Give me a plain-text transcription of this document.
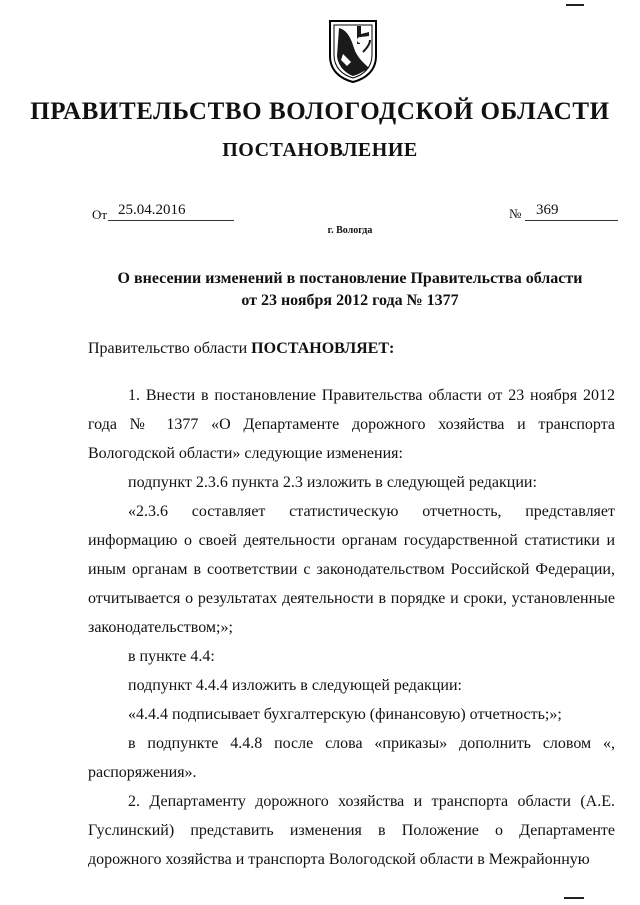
ПРАВИТЕЛЬСТВО ВОЛОГОДСКОЙ ОБЛАСТИ
ПОСТАНОВЛЕНИЕ
От 25.04.2016	№ 369
г. Вологда
О внесении изменений в постановление Правительства области
от 23 ноября 2012 года № 1377
Правительство области ПОСТАНОВЛЯЕТ:

1. Внести в постановление Правительства области от 23 ноября 2012 года № 1377 «О Департаменте дорожного хозяйства и транспорта Вологодской области» следующие изменения:

подпункт 2.3.6 пункта 2.3 изложить в следующей редакции:

«2.3.6 составляет статистическую отчетность, представляет информацию о своей деятельности органам государственной статистики и иным органам в соответствии с законодательством Российской Федерации, отчитывается о результатах деятельности в порядке и сроки, установленные законодательством;»;

в пункте 4.4:

подпункт 4.4.4 изложить в следующей редакции:

«4.4.4 подписывает бухгалтерскую (финансовую) отчетность;»;

в подпункте 4.4.8 после слова «приказы» дополнить словом «, распоряжения».

2. Департаменту дорожного хозяйства и транспорта области (А.Е. Гуслинский) представить изменения в Положение о Департаменте дорожного хозяйства и транспорта Вологодской области в Межрайонную
